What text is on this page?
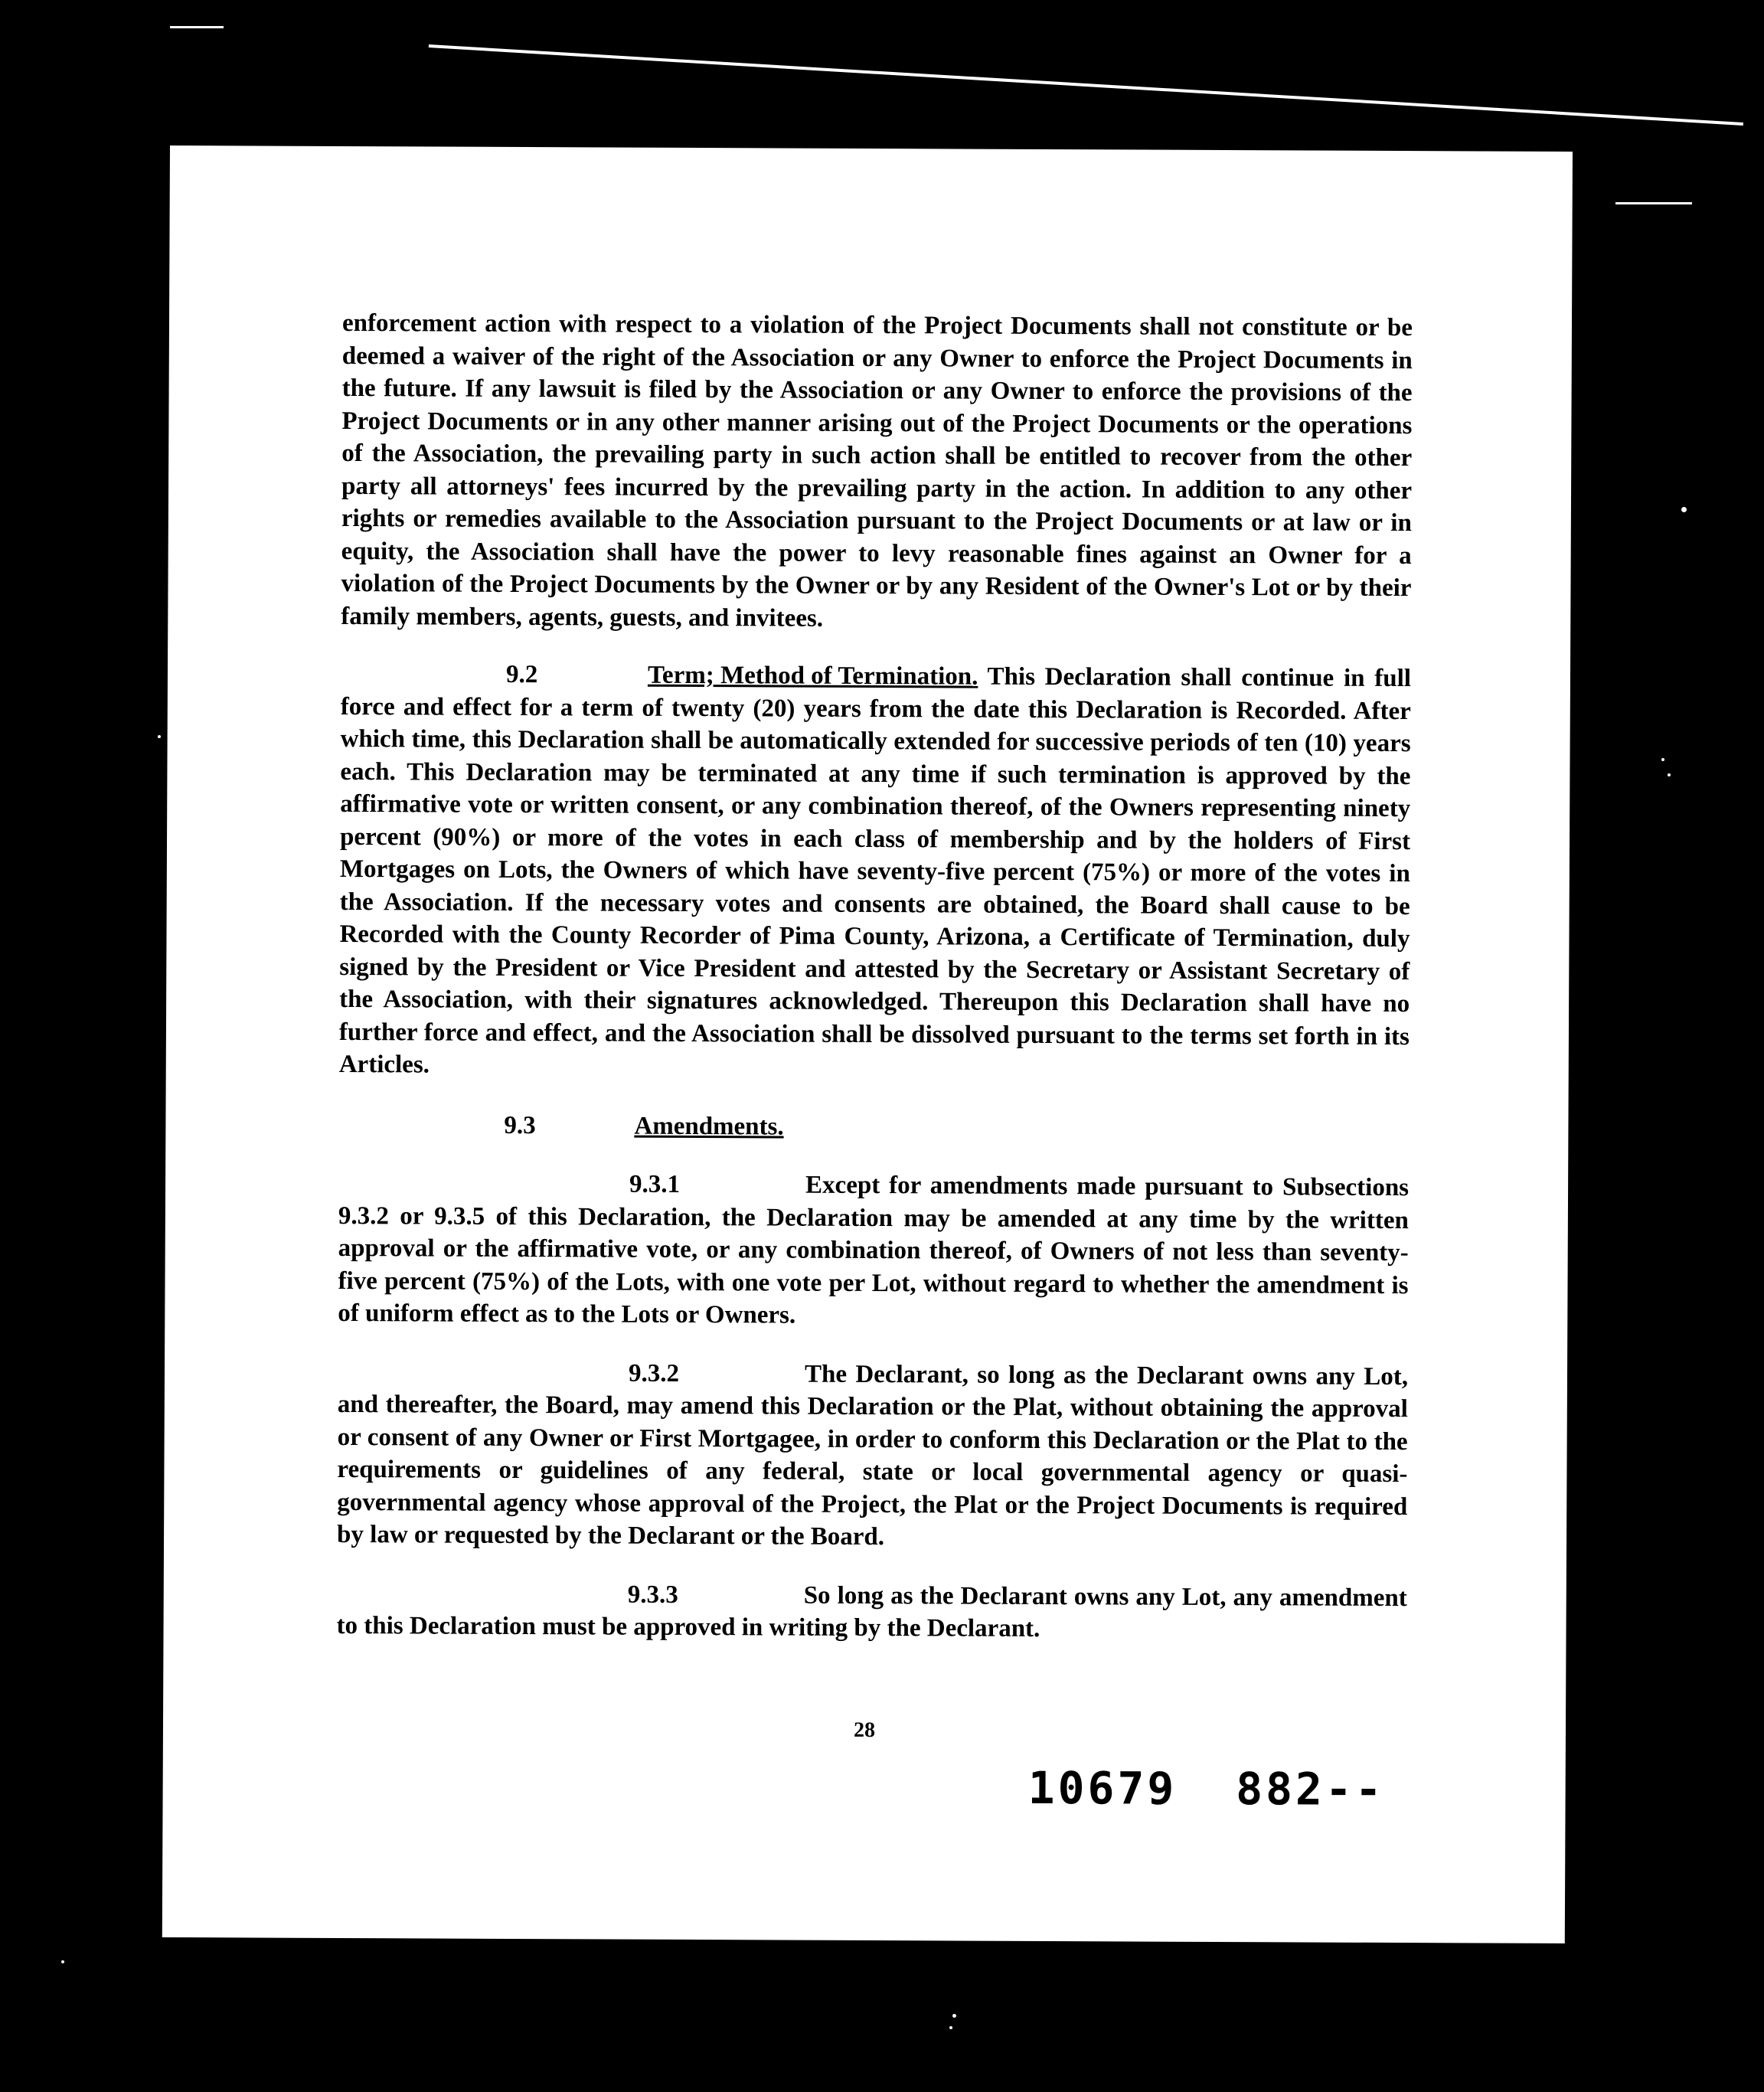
enforcement action with respect to a violation of the Project Documents shall not constitute or be deemed a waiver of the right of the Association or any Owner to enforce the Project Documents in the future. If any lawsuit is filed by the Association or any Owner to enforce the provisions of the Project Documents or in any other manner arising out of the Project Documents or the operations of the Association, the prevailing party in such action shall be entitled to recover from the other party all attorneys' fees incurred by the prevailing party in the action. In addition to any other rights or remedies available to the Association pursuant to the Project Documents or at law or in equity, the Association shall have the power to levy reasonable fines against an Owner for a violation of the Project Documents by the Owner or by any Resident of the Owner's Lot or by their family members, agents, guests, and invitees.

9.2	Term; Method of Termination. This Declaration shall continue in full force and effect for a term of twenty (20) years from the date this Declaration is Recorded. After which time, this Declaration shall be automatically extended for successive periods of ten (10) years each. This Declaration may be terminated at any time if such termination is approved by the affirmative vote or written consent, or any combination thereof, of the Owners representing ninety percent (90%) or more of the votes in each class of membership and by the holders of First Mortgages on Lots, the Owners of which have seventy-five percent (75%) or more of the votes in the Association. If the necessary votes and consents are obtained, the Board shall cause to be Recorded with the County Recorder of Pima County, Arizona, a Certificate of Termination, duly signed by the President or Vice President and attested by the Secretary or Assistant Secretary of the Association, with their signatures acknowledged. Thereupon this Declaration shall have no further force and effect, and the Association shall be dissolved pursuant to the terms set forth in its Articles.

9.3	Amendments.

9.3.1	Except for amendments made pursuant to Subsections 9.3.2 or 9.3.5 of this Declaration, the Declaration may be amended at any time by the written approval or the affirmative vote, or any combination thereof, of Owners of not less than seventy-five percent (75%) of the Lots, with one vote per Lot, without regard to whether the amendment is of uniform effect as to the Lots or Owners.

9.3.2	The Declarant, so long as the Declarant owns any Lot, and thereafter, the Board, may amend this Declaration or the Plat, without obtaining the approval or consent of any Owner or First Mortgagee, in order to conform this Declaration or the Plat to the requirements or guidelines of any federal, state or local governmental agency or quasi-governmental agency whose approval of the Project, the Plat or the Project Documents is required by law or requested by the Declarant or the Board.

9.3.3	So long as the Declarant owns any Lot, any amendment to this Declaration must be approved in writing by the Declarant.

28
10679 882--
